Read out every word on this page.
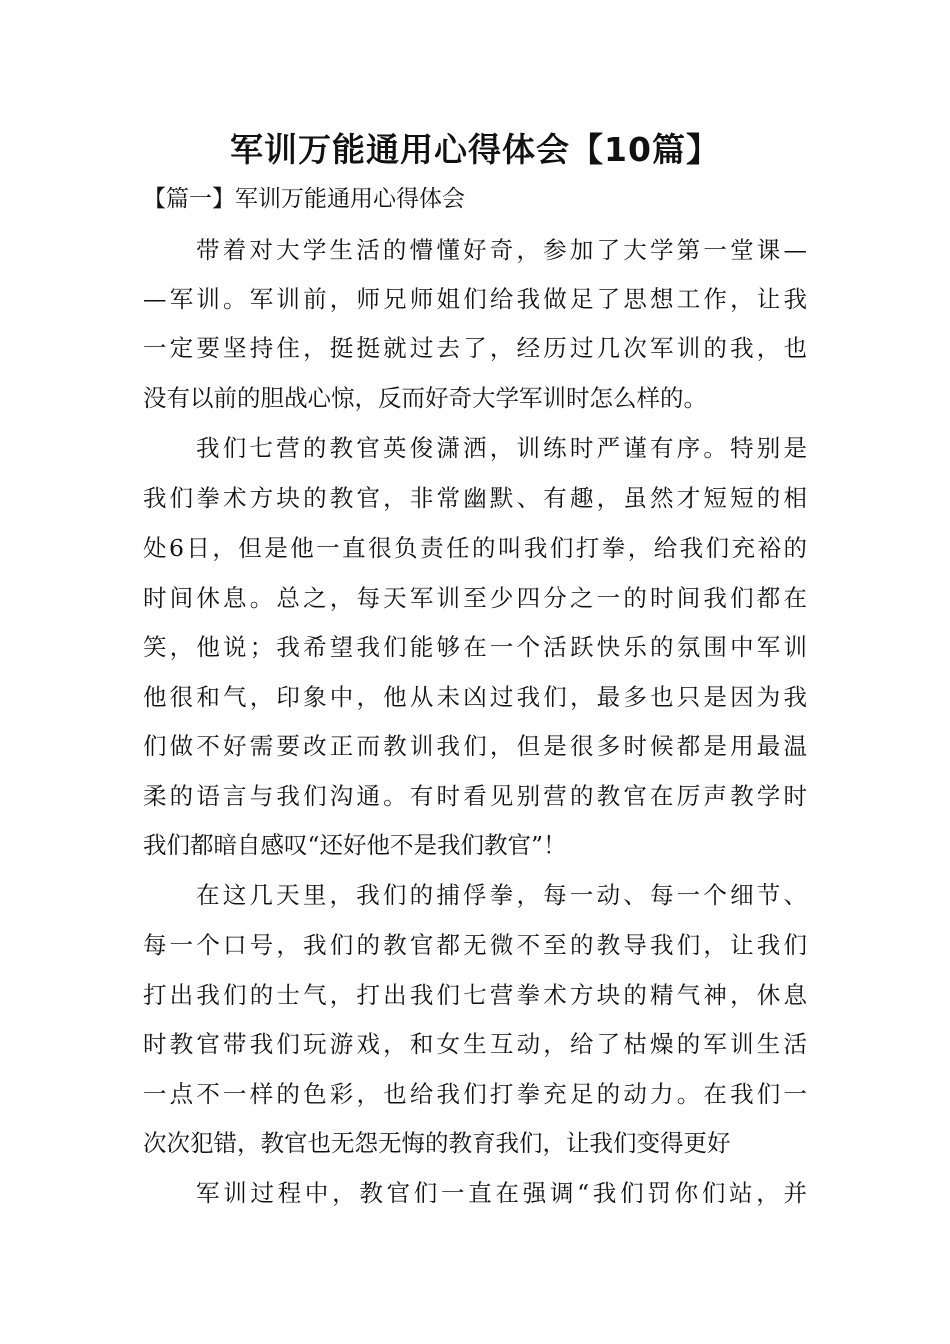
军训万能通用心得体会【10篇】

【篇一】军训万能通用心得体会

带着对大学生活的懵懂好奇，参加了大学第一堂课—

—军训。军训前，师兄师姐们给我做足了思想工作，让我

一定要坚持住，挺挺就过去了，经历过几次军训的我，也

没有以前的胆战心惊，反而好奇大学军训时怎么样的。

我们七营的教官英俊潇洒，训练时严谨有序。特别是

我们拳术方块的教官，非常幽默、有趣，虽然才短短的相

处6日，但是他一直很负责任的叫我们打拳，给我们充裕的

时间休息。总之，每天军训至少四分之一的时间我们都在

笑，他说；我希望我们能够在一个活跃快乐的氛围中军训

他很和气，印象中，他从未凶过我们，最多也只是因为我

们做不好需要改正而教训我们，但是很多时候都是用最温

柔的语言与我们沟通。有时看见别营的教官在厉声教学时

我们都暗自感叹“还好他不是我们教官”！

在这几天里，我们的捕俘拳，每一动、每一个细节、

每一个口号，我们的教官都无微不至的教导我们，让我们

打出我们的士气，打出我们七营拳术方块的精气神，休息

时教官带我们玩游戏，和女生互动，给了枯燥的军训生活

一点不一样的色彩，也给我们打拳充足的动力。在我们一

次次犯错，教官也无怨无悔的教育我们，让我们变得更好

军训过程中，教官们一直在强调“我们罚你们站，并
